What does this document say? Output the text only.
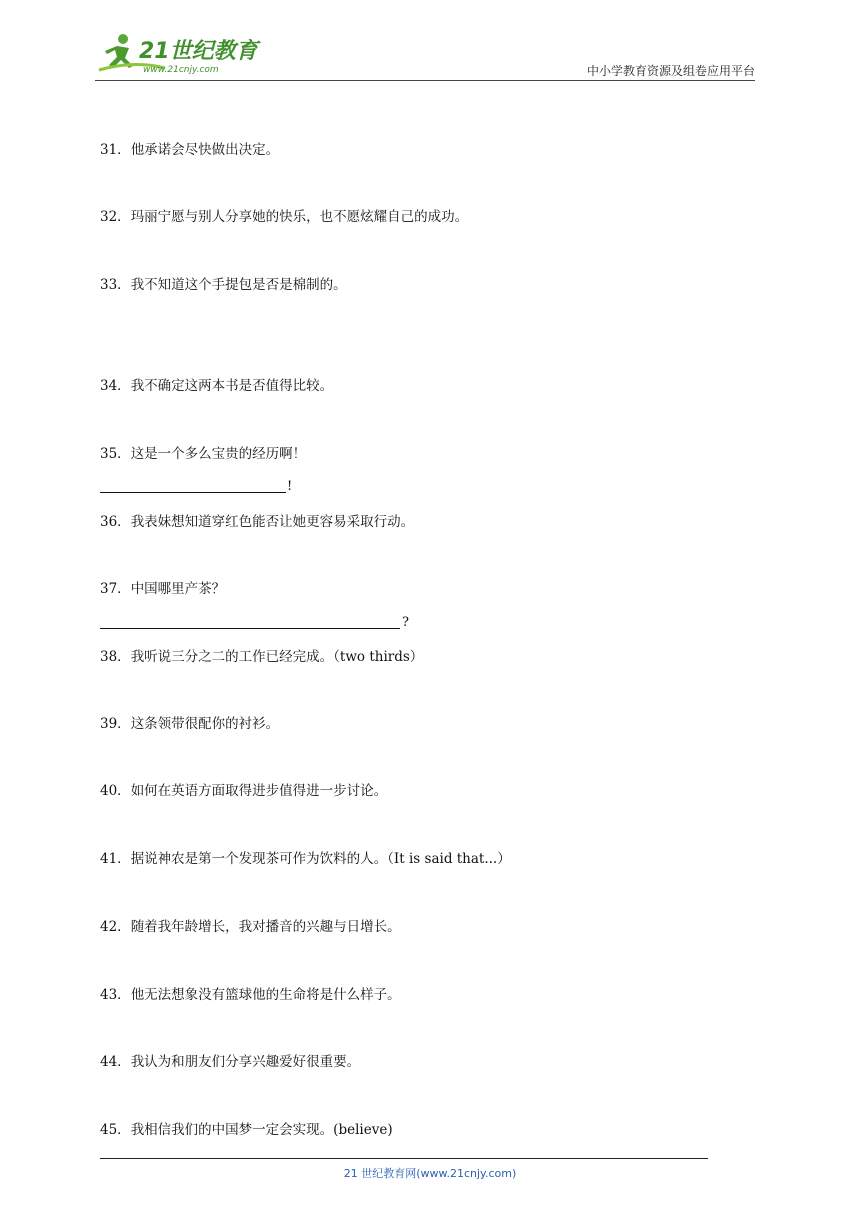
21世纪教育
www.21cnjy.com	中小学教育资源及组卷应用平台
31．他承诺会尽快做出决定。
32．玛丽宁愿与别人分享她的快乐，也不愿炫耀自己的成功。
33．我不知道这个手提包是否是棉制的。
34．我不确定这两本书是否值得比较。
35．这是一个多么宝贵的经历啊！
!
36．我表妹想知道穿红色能否让她更容易采取行动。
37．中国哪里产茶？
?
38．我听说三分之二的工作已经完成。（two thirds）
39．这条领带很配你的衬衫。
40．如何在英语方面取得进步值得进一步讨论。
41．据说神农是第一个发现茶可作为饮料的人。（It is said that...）
42．随着我年龄增长，我对播音的兴趣与日增长。
43．他无法想象没有篮球他的生命将是什么样子。
44．我认为和朋友们分享兴趣爱好很重要。
45．我相信我们的中国梦一定会实现。(believe)
21 世纪教育网(www.21cnjy.com)
